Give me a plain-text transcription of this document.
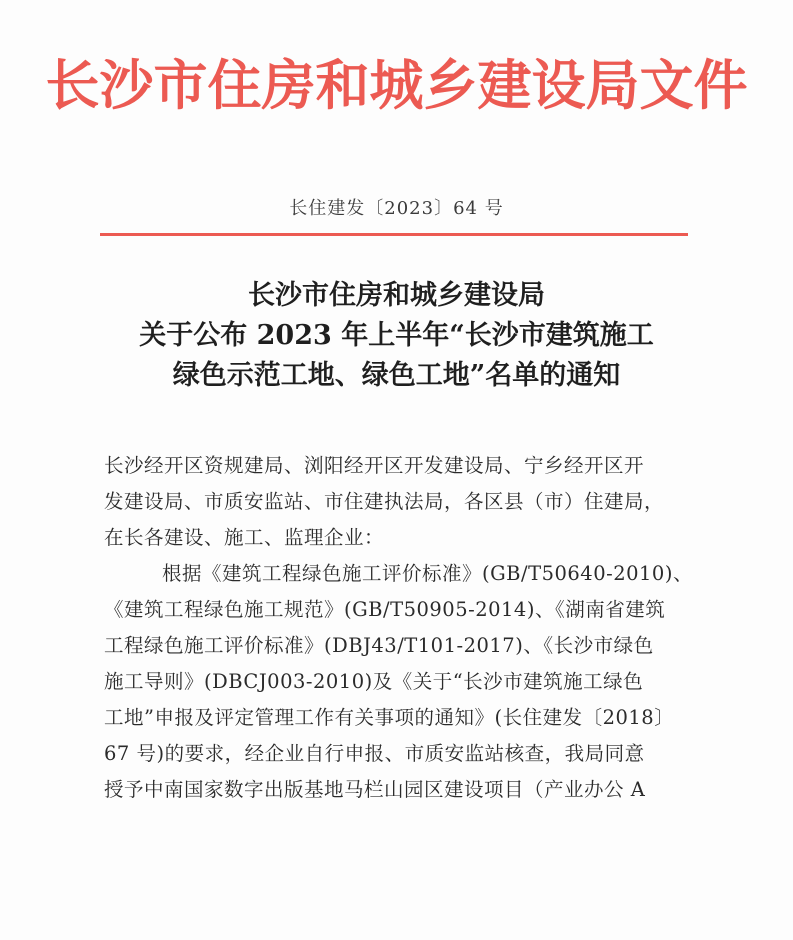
长沙市住房和城乡建设局文件
长住建发〔2023〕64 号
长沙市住房和城乡建设局
关于公布 2023 年上半年“长沙市建筑施工
绿色示范工地、绿色工地”名单的通知
长沙经开区资规建局、浏阳经开区开发建设局、宁乡经开区开
发建设局、市质安监站、市住建执法局，各区县（市）住建局，
在长各建设、施工、监理企业：
根据《建筑工程绿色施工评价标准》(GB/T50640-2010)、
《建筑工程绿色施工规范》(GB/T50905-2014)、《湖南省建筑
工程绿色施工评价标准》(DBJ43/T101-2017)、《长沙市绿色
施工导则》(DBCJ003-2010)及《关于“长沙市建筑施工绿色
工地”申报及评定管理工作有关事项的通知》(长住建发〔2018〕
67 号)的要求，经企业自行申报、市质安监站核查，我局同意
授予中南国家数字出版基地马栏山园区建设项目（产业办公 A
